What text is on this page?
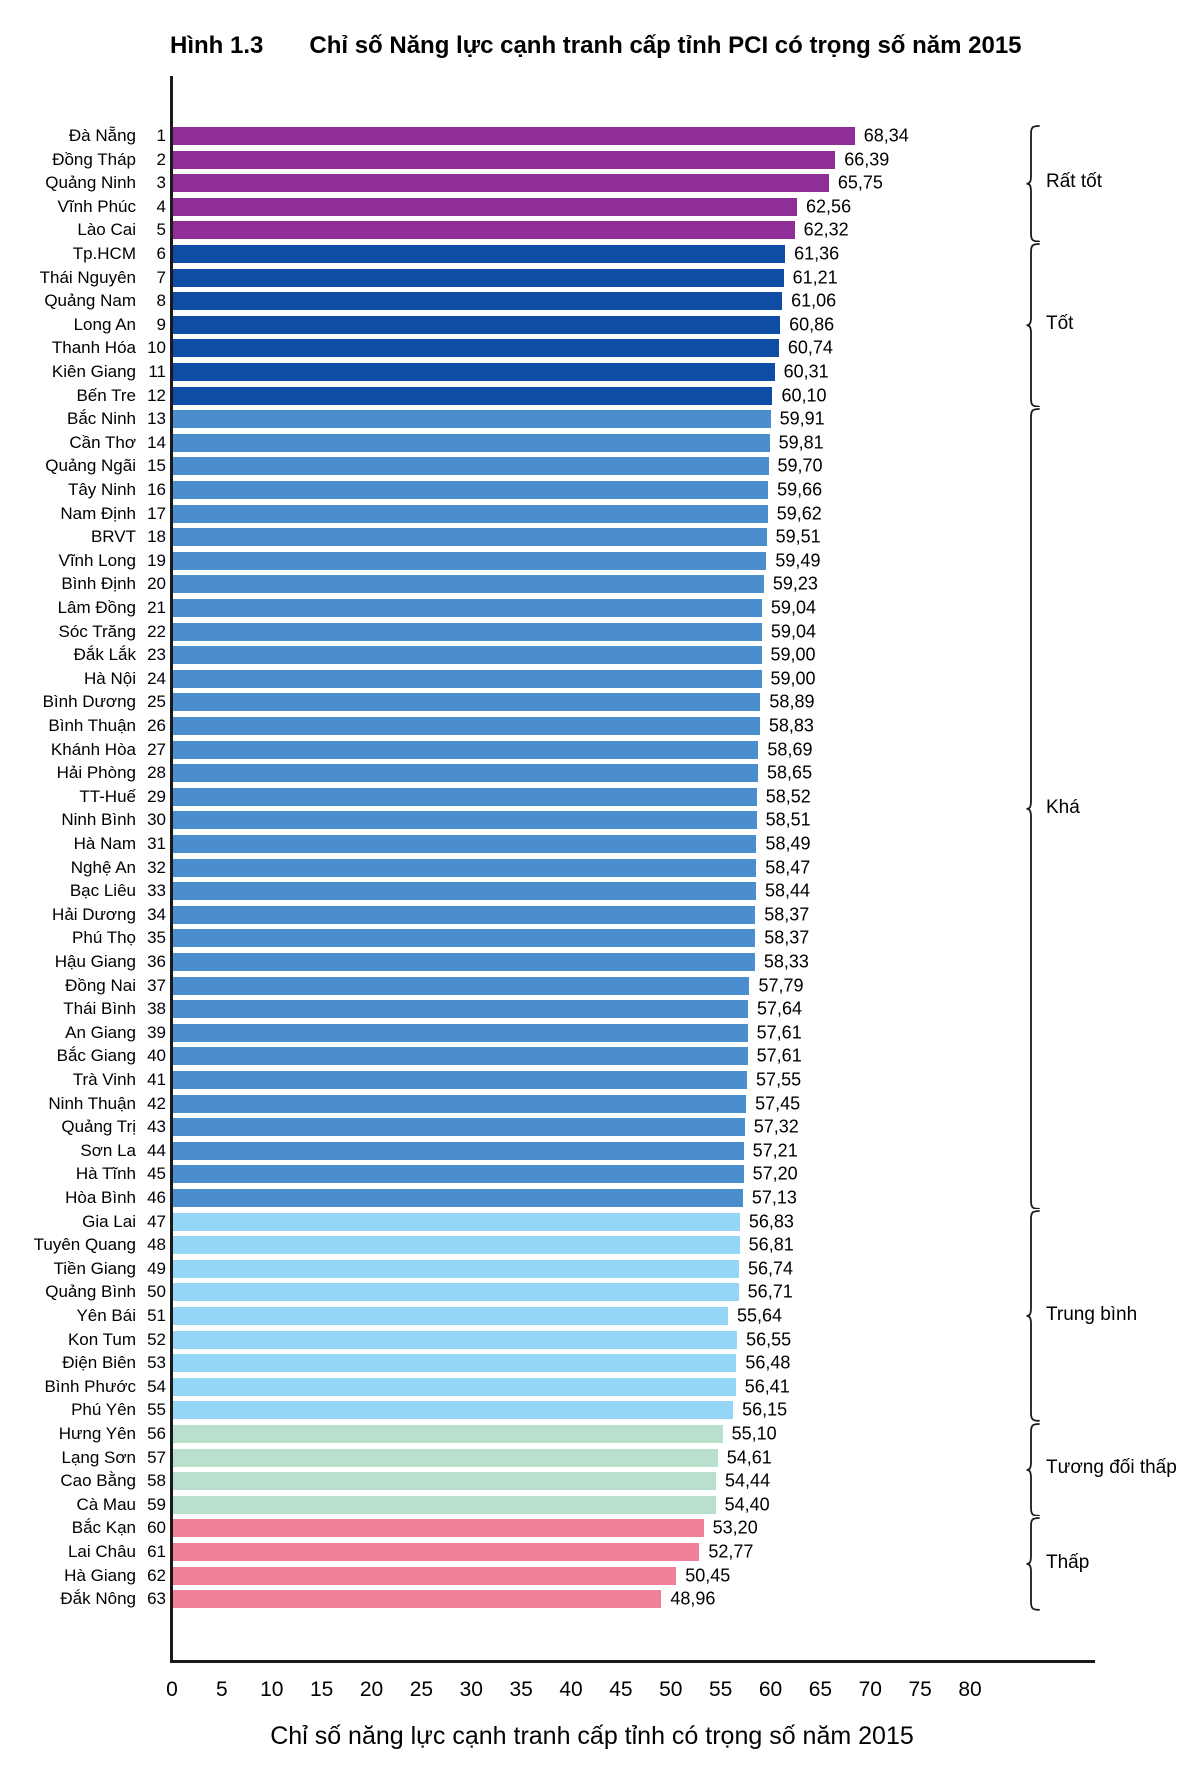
Hình 1.3 Chỉ số Năng lực cạnh tranh cấp tỉnh PCI có trọng số năm 2015
Đà Nẵng	1	68,34
Đồng Tháp	2	66,39
Quảng Ninh	3	65,75
Vĩnh Phúc	4	62,56
Lào Cai	5	62,32
Tp.HCM	6	61,36
Thái Nguyên	7	61,21
Quảng Nam	8	61,06
Long An	9	60,86
Thanh Hóa 10	60,74
Kiên Giang 11	60,31
Bến Tre 12	60,10
Bắc Ninh 13	59,91
Cần Thơ 14	59,81
Quảng Ngãi 15	59,70
Tây Ninh 16	59,66
Nam Định 17	59,62
BRVT 18	59,51
Vĩnh Long 19	59,49
Bình Định 20	59,23
Lâm Đồng 21	59,04
Sóc Trăng 22	59,04
Đắk Lắk 23	59,00
Hà Nội 24	59,00
Bình Dương 25	58,89
Bình Thuận 26	58,83
Khánh Hòa 27	58,69
Hải Phòng 28	58,65
TT-Huế 29	58,52
Ninh Bình 30	58,51
Hà Nam 31	58,49
Nghệ An 32	58,47
Bạc Liêu 33	58,44
Hải Dương 34	58,37
Phú Thọ 35	58,37
Hậu Giang 36	58,33
Đồng Nai 37	57,79
Thái Bình 38	57,64
An Giang 39	57,61
Bắc Giang 40	57,61
Trà Vinh 41	57,55
Ninh Thuận 42	57,45
Quảng Trị 43	57,32
Sơn La 44	57,21
Hà Tĩnh 45	57,20
Hòa Bình 46	57,13
Gia Lai 47	56,83
Tuyên Quang 48	56,81
Tiền Giang 49	56,74
Quảng Bình 50	56,71
Yên Bái 51	55,64
Kon Tum 52	56,55
Điện Biên 53	56,48
Bình Phước 54	56,41
Phú Yên 55	56,15
Hưng Yên 56	55,10
Lạng Sơn 57	54,61
Cao Bằng 58	54,44
Cà Mau 59	54,40
Bắc Kạn 60	53,20
Lai Châu 61	52,77
Hà Giang 62	50,45
Đắk Nông 63	48,96
0 5 10 15 20 25 30 35 40 45 50 55 60 65 70 75 80
Rất tốt
Tốt
Khá
Trung bình
Tương đối thấp
Thấp
Chỉ số năng lực cạnh tranh cấp tỉnh có trọng số năm 2015
